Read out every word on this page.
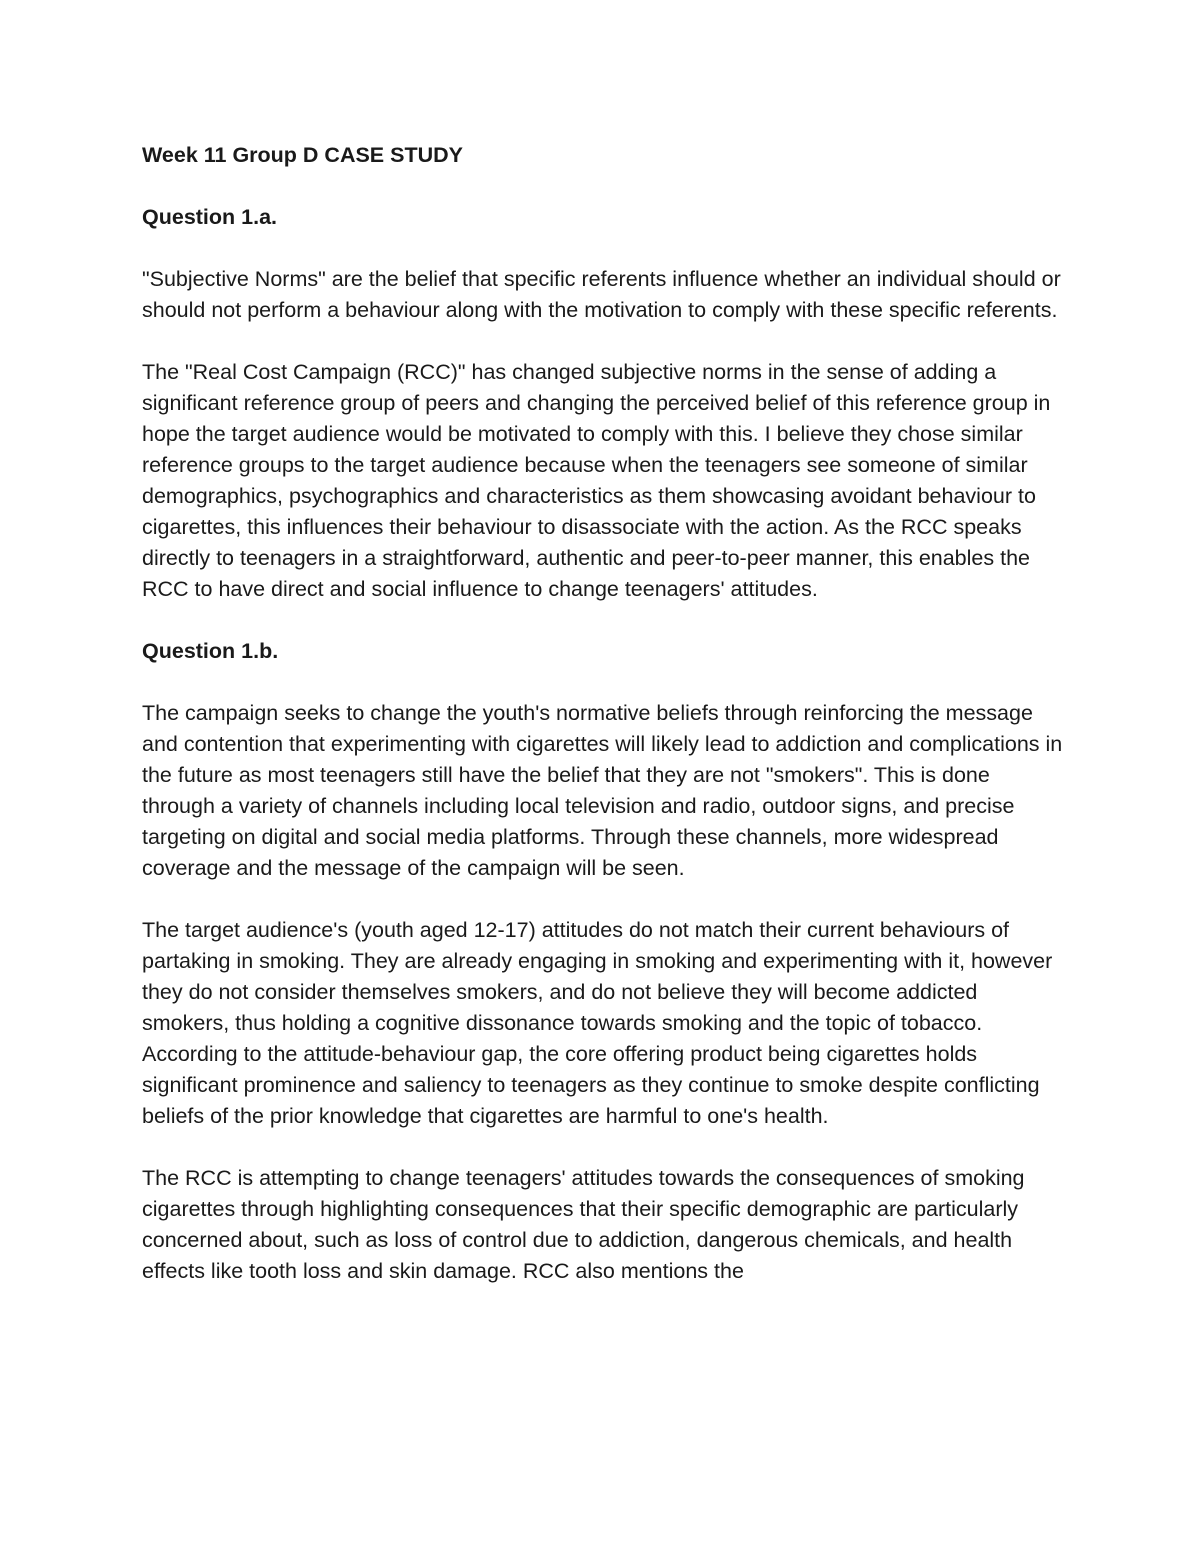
Week 11 Group D CASE STUDY
Question 1.a.

"Subjective Norms" are the belief that specific referents influence whether an individual should or should not perform a behaviour along with the motivation to comply with these specific referents.

The "Real Cost Campaign (RCC)" has changed subjective norms in the sense of adding a significant reference group of peers and changing the perceived belief of this reference group in hope the target audience would be motivated to comply with this. I believe they chose similar reference groups to the target audience because when the teenagers see someone of similar demographics, psychographics and characteristics as them showcasing avoidant behaviour to cigarettes, this influences their behaviour to disassociate with the action. As the RCC speaks directly to teenagers in a straightforward, authentic and peer-to-peer manner, this enables the RCC to have direct and social influence to change teenagers' attitudes.

Question 1.b.

The campaign seeks to change the youth's normative beliefs through reinforcing the message and contention that experimenting with cigarettes will likely lead to addiction and complications in the future as most teenagers still have the belief that they are not "smokers". This is done through a variety of channels including local television and radio, outdoor signs, and precise targeting on digital and social media platforms. Through these channels, more widespread coverage and the message of the campaign will be seen.

The target audience's (youth aged 12-17) attitudes do not match their current behaviours of partaking in smoking. They are already engaging in smoking and experimenting with it, however they do not consider themselves smokers, and do not believe they will become addicted smokers, thus holding a cognitive dissonance towards smoking and the topic of tobacco. According to the attitude-behaviour gap, the core offering product being cigarettes holds significant prominence and saliency to teenagers as they continue to smoke despite conflicting beliefs of the prior knowledge that cigarettes are harmful to one's health.

The RCC is attempting to change teenagers' attitudes towards the consequences of smoking cigarettes through highlighting consequences that their specific demographic are particularly concerned about, such as loss of control due to addiction, dangerous chemicals, and health effects like tooth loss and skin damage. RCC also mentions the
